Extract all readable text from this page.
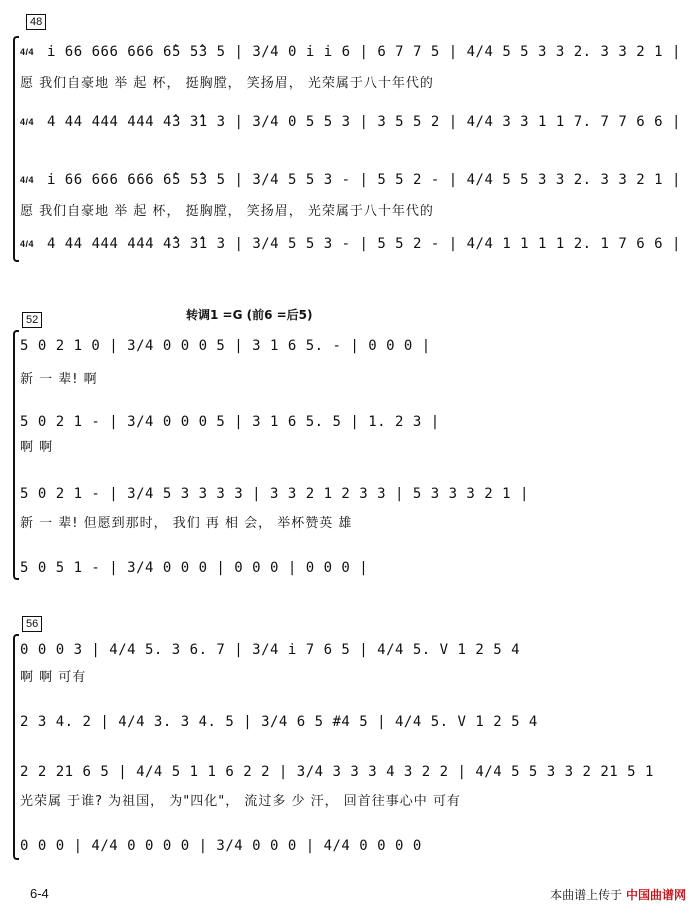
48
4/4 i 66 666 666 6̂5 5̂3 5 | 3/4 0 i i 6 | 6 7 7 5 | 4/4 5 5 3 3 2. 3 3 2 1 |
愿 我们自豪地 举 起 杯， 挺胸膛， 笑扬眉， 光荣属于八十年代的
4/4 4 44 444 444 4̂3 3̂1 3 | 3/4 0 5 5 3 | 3 5 5 2 | 4/4 3 3 1 1 7. 7 7 6 6 |
4/4 i 66 666 666 6̂5 5̂3 5 | 3/4 5 5 3 - | 5 5 2 - | 4/4 5 5 3 3 2. 3 3 2 1 |
愿 我们自豪地 举 起 杯， 挺胸膛， 笑扬眉， 光荣属于八十年代的
4/4 4 44 444 444 4̂3 3̂1 3 | 3/4 5 5 3 - | 5 5 2 - | 4/4 1 1 1 1 2. 1 7 6 6 |
52	转调1 =G (前6 =后5)
5 0 2 1 0 | 3/4 0 0 0 5 | 3 1 6 5. - | 0 0 0 |
新 一 辈! 啊
5 0 2 1 - | 3/4 0 0 0 5 | 3 1 6 5. 5 | 1. 2 3 |
啊 啊
5 0 2 1 - | 3/4 5 3 3 3 3 | 3 3 2 1 2 3 3 | 5 3 3 3 2 1 |
新 一 辈! 但愿到那时， 我们 再 相 会， 举杯赞英 雄
5 0 5 1 - | 3/4 0 0 0 | 0 0 0 | 0 0 0 |
56
0 0 0 3 | 4/4 5. 3 6. 7 | 3/4 i 7 6 5 | 4/4 5. V 1 2 5 4
啊 啊 可有
2 3 4. 2 | 4/4 3. 3 4. 5 | 3/4 6 5 #4 5 | 4/4 5. V 1 2 5 4
2 2 21 6 5 | 4/4 5 1 1 6 2 2 | 3/4 3 3 3 4 3 2 2 | 4/4 5 5 3 3 2 21 5 1
光荣属 于谁? 为祖国， 为"四化"， 流过多 少 汗， 回首往事心中 可有
0 0 0 | 4/4 0 0 0 0 | 3/4 0 0 0 | 4/4 0 0 0 0
6-4	本曲谱上传于 中国曲谱网
